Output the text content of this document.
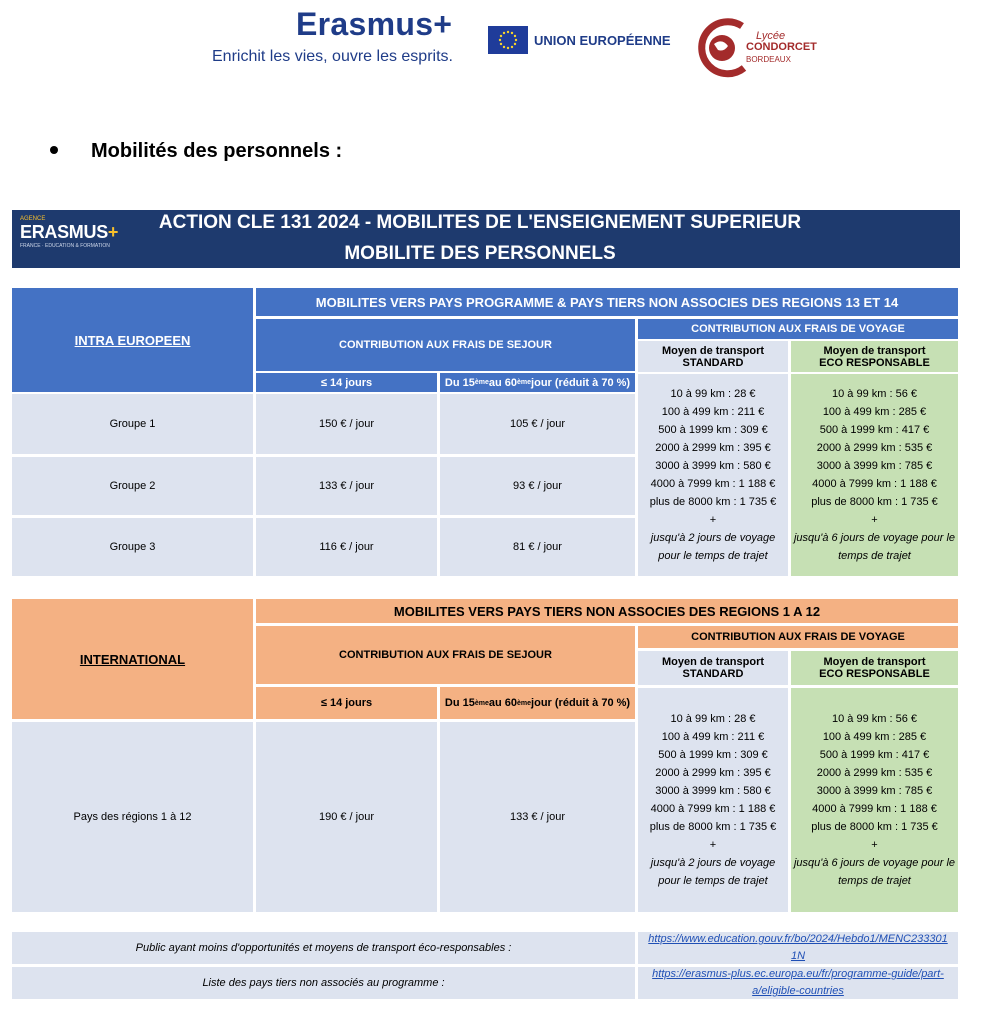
Erasmus+
Enrichit les vies, ouvre les esprits.
UNION EUROPÉENNE	Lycée
CONDORCET
BORDEAUX
Mobilités des personnels :
AGENCE
ERASMUS+
FRANCE · EDUCATION & FORMATION
ACTION CLE 131 2024 - MOBILITES DE L'ENSEIGNEMENT SUPERIEUR
MOBILITE DES PERSONNELS
INTRA EUROPEEN
MOBILITES VERS PAYS PROGRAMME & PAYS TIERS NON ASSOCIES DES REGIONS 13 ET 14
CONTRIBUTION AUX FRAIS DE SEJOUR
CONTRIBUTION AUX FRAIS DE VOYAGE
Moyen de transport
STANDARD
Moyen de transport
ECO RESPONSABLE
≤ 14 jours	Du 15 ème au 60 ème jour (réduit à 70 %)
Groupe 1	150 € / jour	105 € / jour
Groupe 2	133 € / jour	93 € / jour
Groupe 3	116 € / jour	81 € / jour
10 à 99 km : 28 €
100 à 499 km : 211 €
500 à 1999 km : 309 €
2000 à 2999 km : 395 €
3000 à 3999 km : 580 €
4000 à 7999 km : 1 188 €
plus de 8000 km : 1 735 €
+
jusqu'à 2 jours de voyage
pour le temps de trajet
10 à 99 km : 56 €
100 à 499 km : 285 €
500 à 1999 km : 417 €
2000 à 2999 km : 535 €
3000 à 3999 km : 785 €
4000 à 7999 km : 1 188 €
plus de 8000 km : 1 735 €
+
jusqu'à 6 jours de voyage pour le
temps de trajet
INTERNATIONAL
MOBILITES VERS PAYS TIERS NON ASSOCIES DES REGIONS 1 A 12
CONTRIBUTION AUX FRAIS DE SEJOUR
CONTRIBUTION AUX FRAIS DE VOYAGE
Moyen de transport
STANDARD
Moyen de transport
ECO RESPONSABLE
≤ 14 jours	Du 15 ème au 60 ème jour (réduit à 70 %)
Pays des régions 1 à 12	190 € / jour	133 € / jour
10 à 99 km : 28 €
100 à 499 km : 211 €
500 à 1999 km : 309 €
2000 à 2999 km : 395 €
3000 à 3999 km : 580 €
4000 à 7999 km : 1 188 €
plus de 8000 km : 1 735 €
+
jusqu'à 2 jours de voyage
pour le temps de trajet
10 à 99 km : 56 €
100 à 499 km : 285 €
500 à 1999 km : 417 €
2000 à 2999 km : 535 €
3000 à 3999 km : 785 €
4000 à 7999 km : 1 188 €
plus de 8000 km : 1 735 €
+
jusqu'à 6 jours de voyage pour le
temps de trajet
Public ayant moins d'opportunités et moyens de transport éco-responsables :
https://www.education.gouv.fr/bo/2024/Hebdo1/MENC233301
1N
Liste des pays tiers non associés au programme :
https://erasmus-plus.ec.europa.eu/fr/programme-guide/part-
a/eligible-countries
